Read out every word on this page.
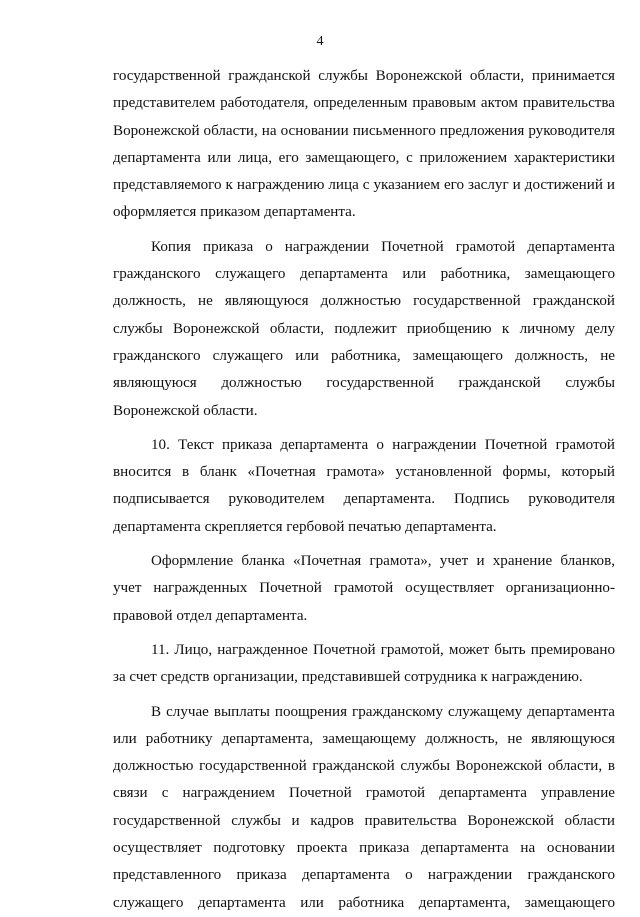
4

государственной гражданской службы Воронежской области, принимается представителем работодателя, определенным правовым актом правительства Воронежской области, на основании письменного предложения руководителя департамента или лица, его замещающего, с приложением характеристики представляемого к награждению лица с указанием его заслуг и достижений и оформляется приказом департамента.

Копия приказа о награждении Почетной грамотой департамента гражданского служащего департамента или работника, замещающего должность, не являющуюся должностью государственной гражданской службы Воронежской области, подлежит приобщению к личному делу гражданского служащего или работника, замещающего должность, не являющуюся должностью государственной гражданской службы Воронежской области.

10. Текст приказа департамента о награждении Почетной грамотой вносится в бланк «Почетная грамота» установленной формы, который подписывается руководителем департамента. Подпись руководителя департамента скрепляется гербовой печатью департамента.

Оформление бланка «Почетная грамота», учет и хранение бланков, учет награжденных Почетной грамотой осуществляет организационно-правовой отдел департамента.

11. Лицо, награжденное Почетной грамотой, может быть премировано за счет средств организации, представившей сотрудника к награждению.

В случае выплаты поощрения гражданскому служащему департамента или работнику департамента, замещающему должность, не являющуюся должностью государственной гражданской службы Воронежской области, в связи с награждением Почетной грамотой департамента управление государственной службы и кадров правительства Воронежской области осуществляет подготовку проекта приказа департамента на основании представленного приказа департамента о награждении гражданского служащего департамента или работника департамента, замещающего
